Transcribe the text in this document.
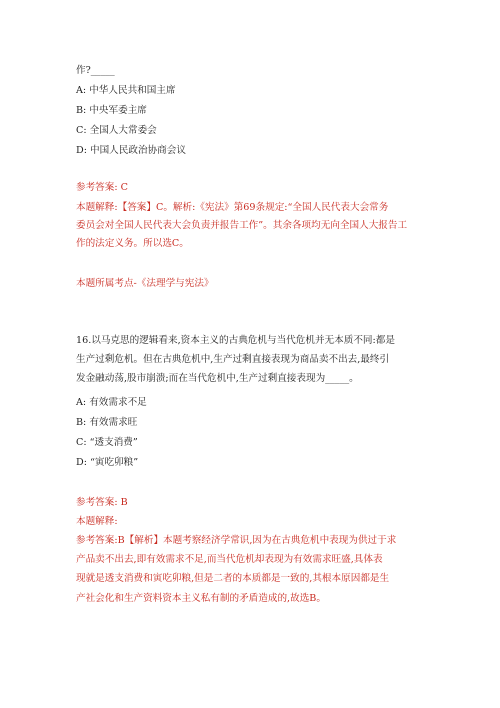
作?_____
A: 中华人民共和国主席
B: 中央军委主席
C: 全国人大常委会
D: 中国人民政治协商会议
参考答案: C
本题解释:【答案】C。解析:《宪法》第69条规定:“全国人民代表大会常务
委员会对全国人民代表大会负责并报告工作”。其余各项均无向全国人大报告工
作的法定义务。所以选C。
本题所属考点-《法理学与宪法》
16.以马克思的逻辑看来,资本主义的古典危机与当代危机并无本质不同:都是
生产过剩危机。但在古典危机中,生产过剩直接表现为商品卖不出去,最终引
发金融动荡,股市崩溃;而在当代危机中,生产过剩直接表现为_____。
A: 有效需求不足
B: 有效需求旺
C: “透支消费”
D: “寅吃卯粮”
参考答案: B
本题解释:
参考答案:B【解析】本题考察经济学常识,因为在古典危机中表现为供过于求
产品卖不出去,即有效需求不足,而当代危机却表现为有效需求旺盛,具体表
现就是透支消费和寅吃卯粮,但是二者的本质都是一致的,其根本原因都是生
产社会化和生产资料资本主义私有制的矛盾造成的,故选B。
